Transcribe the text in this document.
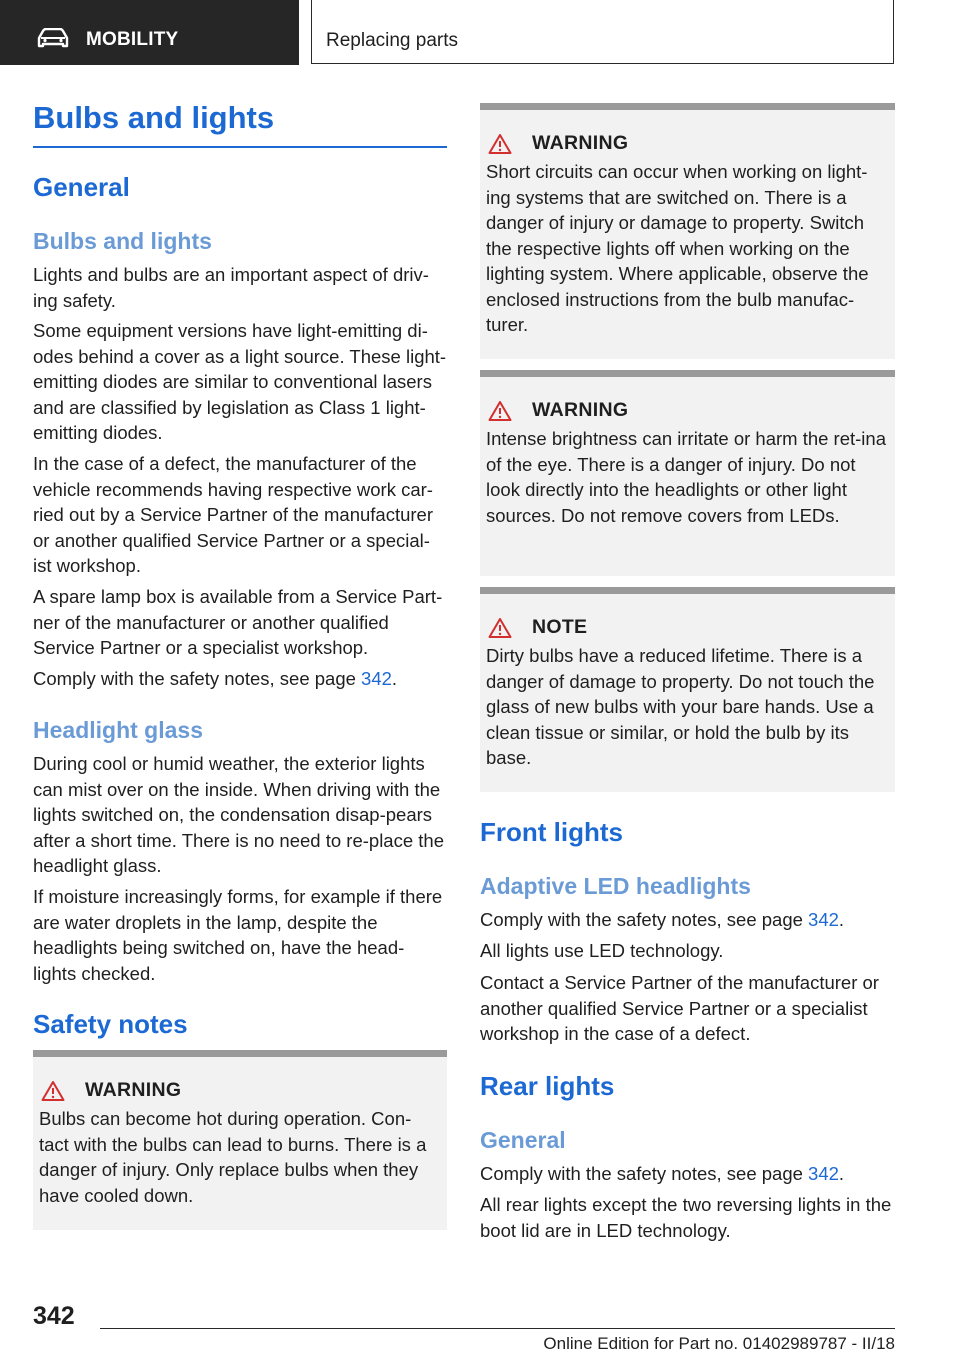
MOBILITY	Replacing parts
Bulbs and lights
General
Bulbs and lights

Lights and bulbs are an important aspect of driv‐ing safety.

Some equipment versions have light-emitting di‐odes behind a cover as a light source. These light-emitting diodes are similar to conventional lasers and are classified by legislation as Class 1 light-emitting diodes.

In the case of a defect, the manufacturer of the vehicle recommends having respective work car‐ried out by a Service Partner of the manufacturer or another qualified Service Partner or a special‐ist workshop.

A spare lamp box is available from a Service Part‐ner of the manufacturer or another qualified Service Partner or a specialist workshop.

Comply with the safety notes, see page 342.

Headlight glass

During cool or humid weather, the exterior lights can mist over on the inside. When driving with the lights switched on, the condensation disap‐pears after a short time. There is no need to re‐place the headlight glass.

If moisture increasingly forms, for example if there are water droplets in the lamp, despite the headlights being switched on, have the head‐lights checked.

Safety notes
WARNING
Bulbs can become hot during operation. Con‐tact with the bulbs can lead to burns. There is a danger of injury. Only replace bulbs when they have cooled down.
WARNING
Short circuits can occur when working on light‐ing systems that are switched on. There is a danger of injury or damage to property. Switch the respective lights off when working on the lighting system. Where applicable, observe the enclosed instructions from the bulb manufac‐turer.
WARNING
Intense brightness can irritate or harm the ret‐ina of the eye. There is a danger of injury. Do not look directly into the headlights or other light sources. Do not remove covers from LEDs.
NOTE
Dirty bulbs have a reduced lifetime. There is a danger of damage to property. Do not touch the glass of new bulbs with your bare hands. Use a clean tissue or similar, or hold the bulb by its base.
Front lights
Adaptive LED headlights

Comply with the safety notes, see page 342.

All lights use LED technology.

Contact a Service Partner of the manufacturer or another qualified Service Partner or a specialist workshop in the case of a defect.

Rear lights
General

Comply with the safety notes, see page 342.

All rear lights except the two reversing lights in the boot lid are in LED technology.

342
Online Edition for Part no. 01402989787 - II/18
